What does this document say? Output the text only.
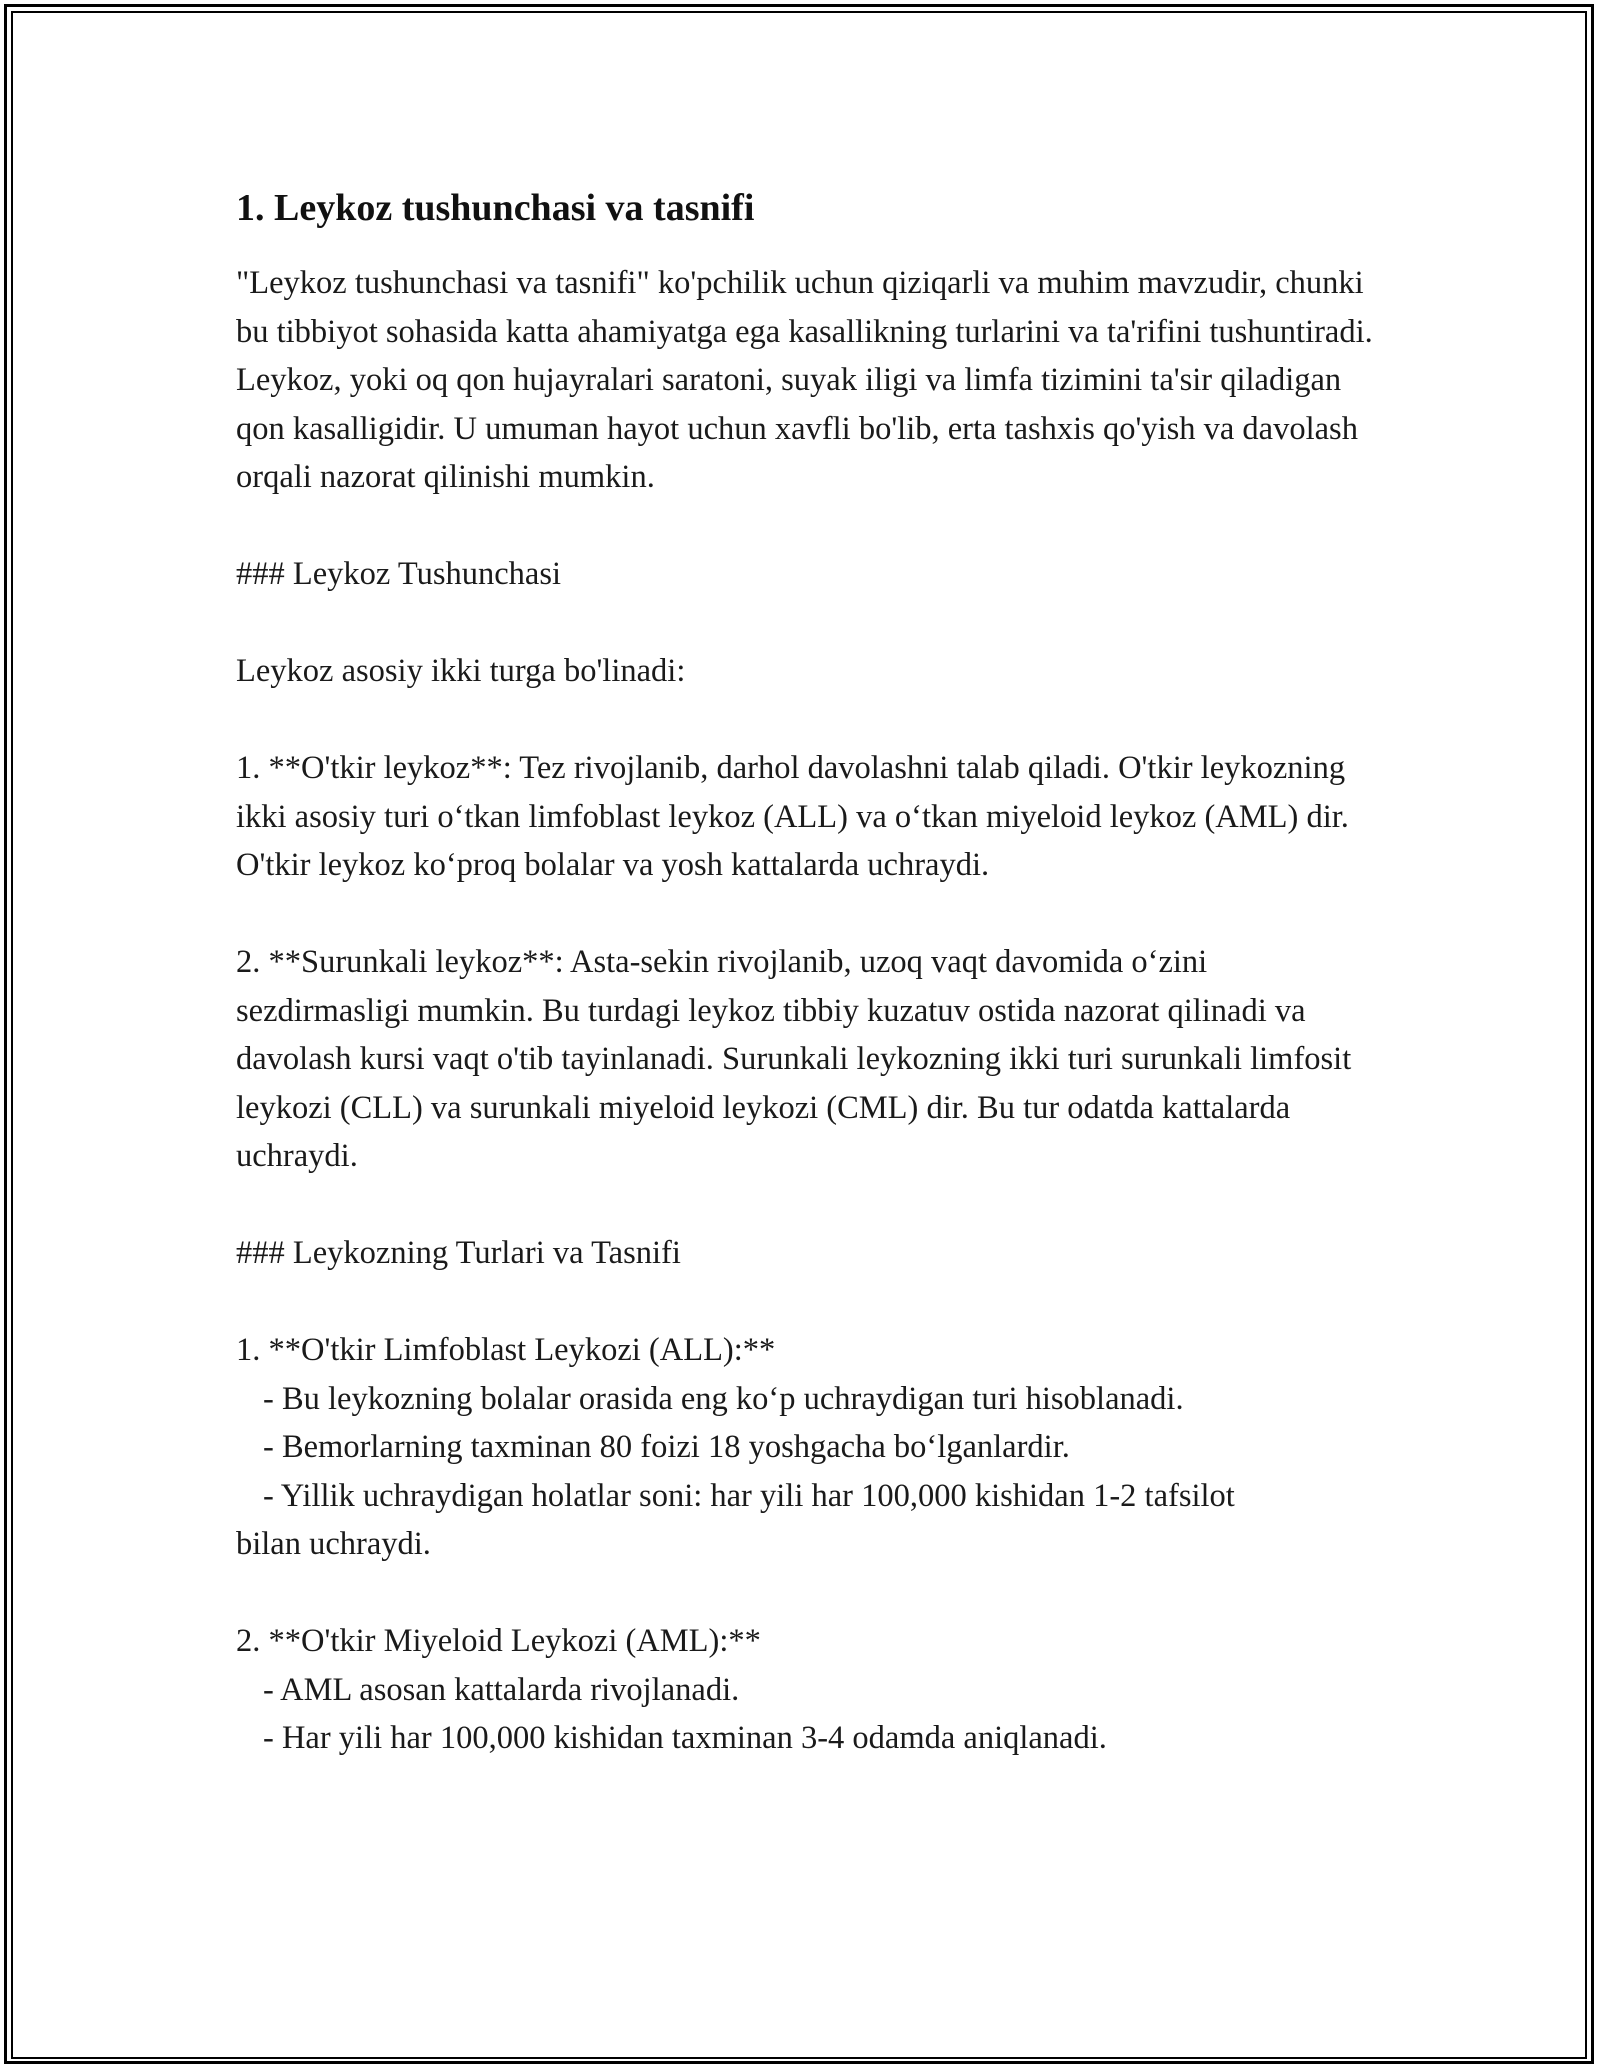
1. Leykoz tushunchasi va tasnifi
"Leykoz tushunchasi va tasnifi" ko'pchilik uchun qiziqarli va muhim mavzudir, chunki bu tibbiyot sohasida katta ahamiyatga ega kasallikning turlarini va ta'rifini tushuntiradi. Leykoz, yoki oq qon hujayralari saratoni, suyak iligi va limfa tizimini ta'sir qiladigan qon kasalligidir. U umuman hayot uchun xavfli bo'lib, erta tashxis qo'yish va davolash orqali nazorat qilinishi mumkin.
### Leykoz Tushunchasi
Leykoz asosiy ikki turga bo'linadi:
1. **O'tkir leykoz**: Tez rivojlanib, darhol davolashni talab qiladi. O'tkir leykozning ikki asosiy turi o‘tkan limfoblast leykoz (ALL) va o‘tkan miyeloid leykoz (AML) dir. O'tkir leykoz ko‘proq bolalar va yosh kattalarda uchraydi.
2. **Surunkali leykoz**: Asta-sekin rivojlanib, uzoq vaqt davomida o‘zini sezdirmasligi mumkin. Bu turdagi leykoz tibbiy kuzatuv ostida nazorat qilinadi va davolash kursi vaqt o'tib tayinlanadi. Surunkali leykozning ikki turi surunkali limfosit leykozi (CLL) va surunkali miyeloid leykozi (CML) dir. Bu tur odatda kattalarda uchraydi.
### Leykozning Turlari va Tasnifi
1. **O'tkir Limfoblast Leykozi (ALL):**
- Bu leykozning bolalar orasida eng ko‘p uchraydigan turi hisoblanadi.
- Bemorlarning taxminan 80 foizi 18 yoshgacha bo‘lganlardir.
- Yillik uchraydigan holatlar soni: har yili har 100,000 kishidan 1-2 tafsilot
bilan uchraydi.
2. **O'tkir Miyeloid Leykozi (AML):**
- AML asosan kattalarda rivojlanadi.
- Har yili har 100,000 kishidan taxminan 3-4 odamda aniqlanadi.
